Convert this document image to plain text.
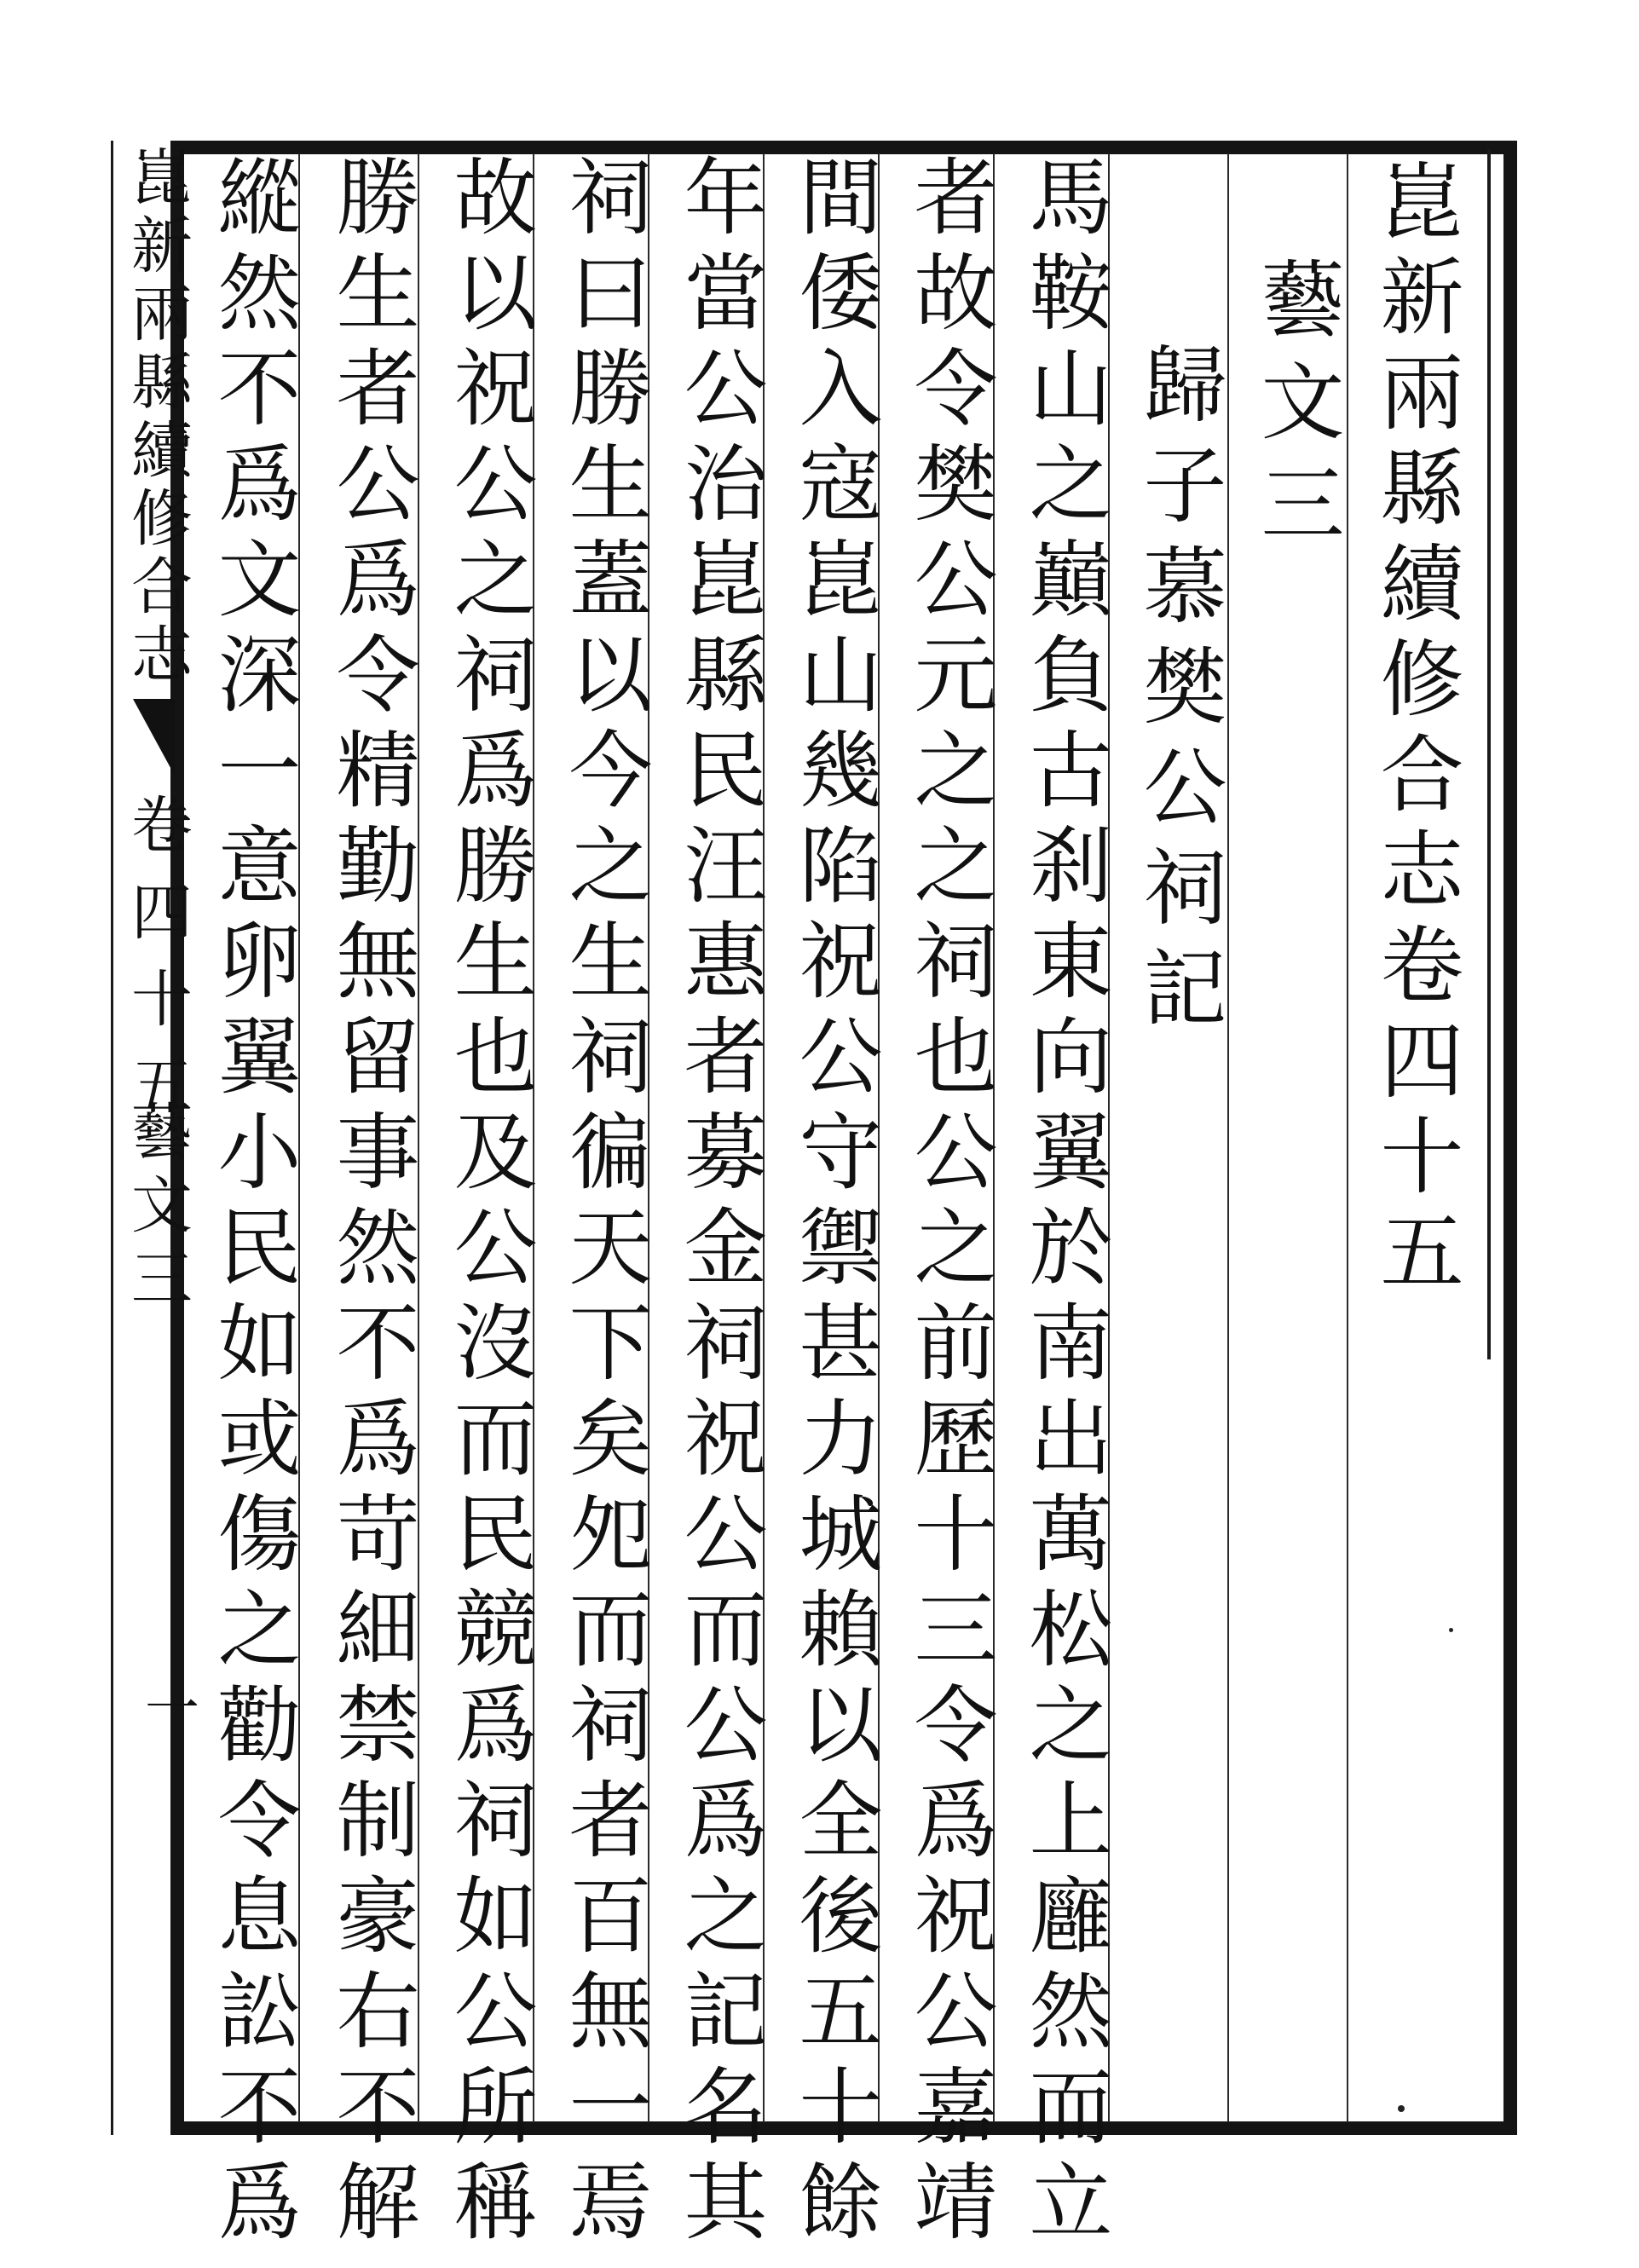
崑新兩縣續修合志卷四十五
藝文三
歸子慕樊公祠記
馬鞍山之巔負古刹東向翼於南出萬松之上廱然而立
者故令樊公元之之祠也公之前歷十三令爲祝公嘉靖
間倭入寇崑山幾陷祝公守禦甚力城賴以全後五十餘
年當公治崑縣民汪惠者募金祠祝公而公爲之記名其
祠曰勝生蓋以今之生祠徧天下矣夗而祠者百無一焉
故以祝公之祠爲勝生也及公沒而民競爲祠如公所稱
勝生者公爲令精勤無留事然不爲苛細禁制豪右不解
縱然不爲文深一意卵翼小民如或傷之勸令息訟不爲
崑新兩縣續修合志
卷四十五
藝文三
一
